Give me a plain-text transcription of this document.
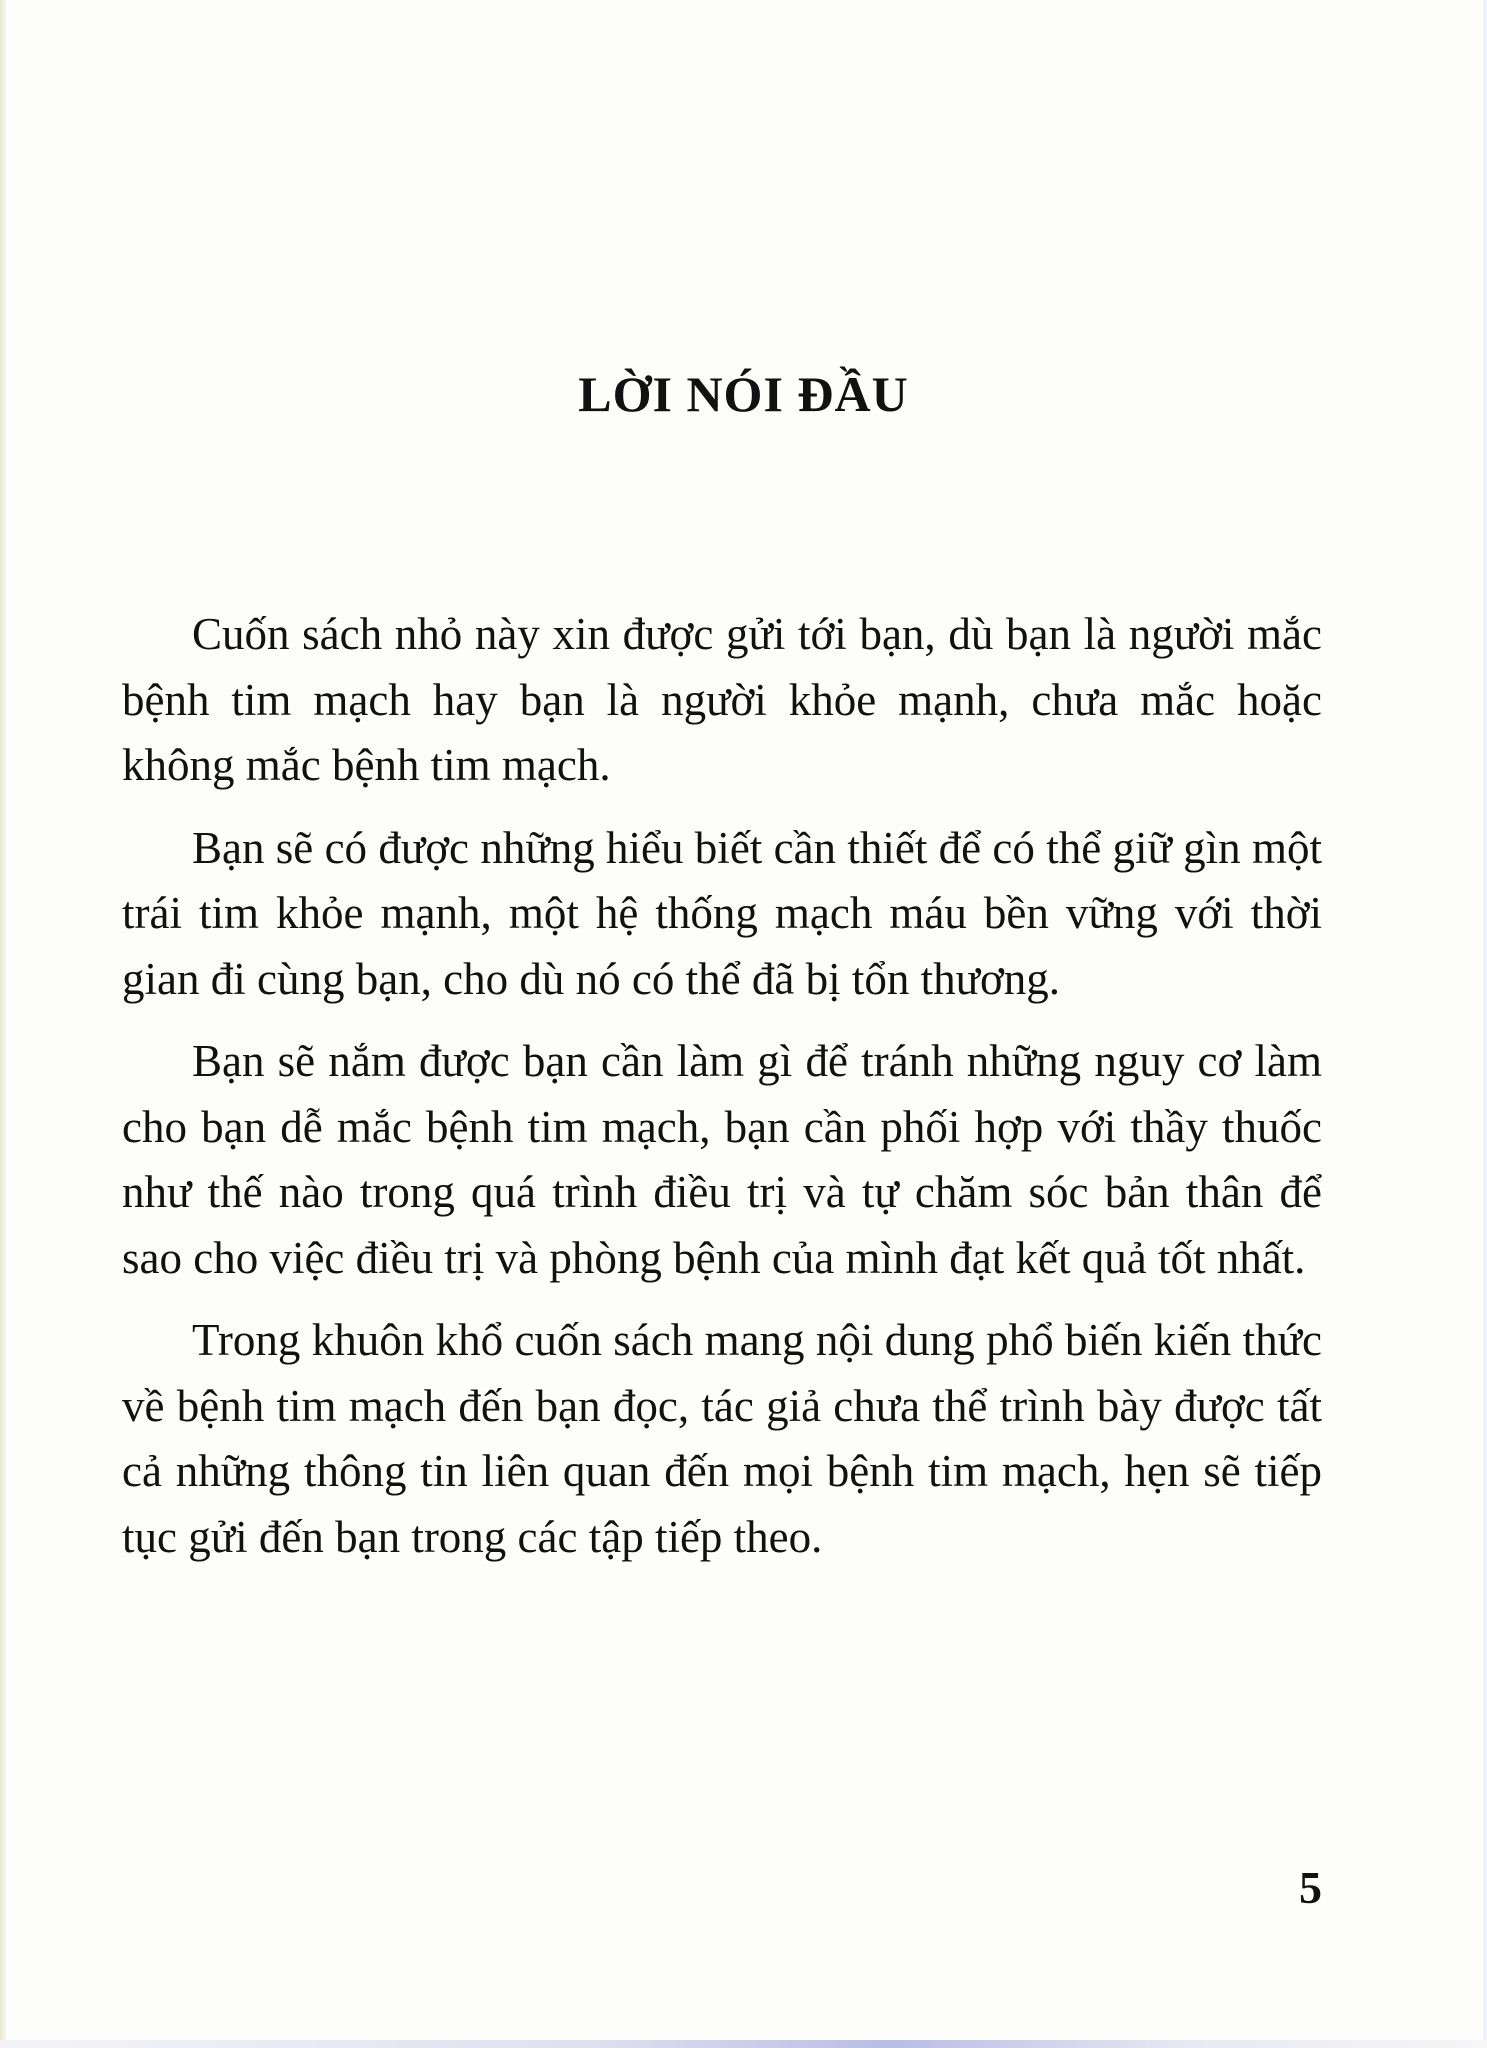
LỜI NÓI ĐẦU

Cuốn sách nhỏ này xin được gửi tới bạn, dù bạn là người mắc bệnh tim mạch hay bạn là người khỏe mạnh, chưa mắc hoặc không mắc bệnh tim mạch.

Bạn sẽ có được những hiểu biết cần thiết để có thể giữ gìn một trái tim khỏe mạnh, một hệ thống mạch máu bền vững với thời gian đi cùng bạn, cho dù nó có thể đã bị tổn thương.

Bạn sẽ nắm được bạn cần làm gì để tránh những nguy cơ làm cho bạn dễ mắc bệnh tim mạch, bạn cần phối hợp với thầy thuốc như thế nào trong quá trình điều trị và tự chăm sóc bản thân để sao cho việc điều trị và phòng bệnh của mình đạt kết quả tốt nhất.

Trong khuôn khổ cuốn sách mang nội dung phổ biến kiến thức về bệnh tim mạch đến bạn đọc, tác giả chưa thể trình bày được tất cả những thông tin liên quan đến mọi bệnh tim mạch, hẹn sẽ tiếp tục gửi đến bạn trong các tập tiếp theo.

5
